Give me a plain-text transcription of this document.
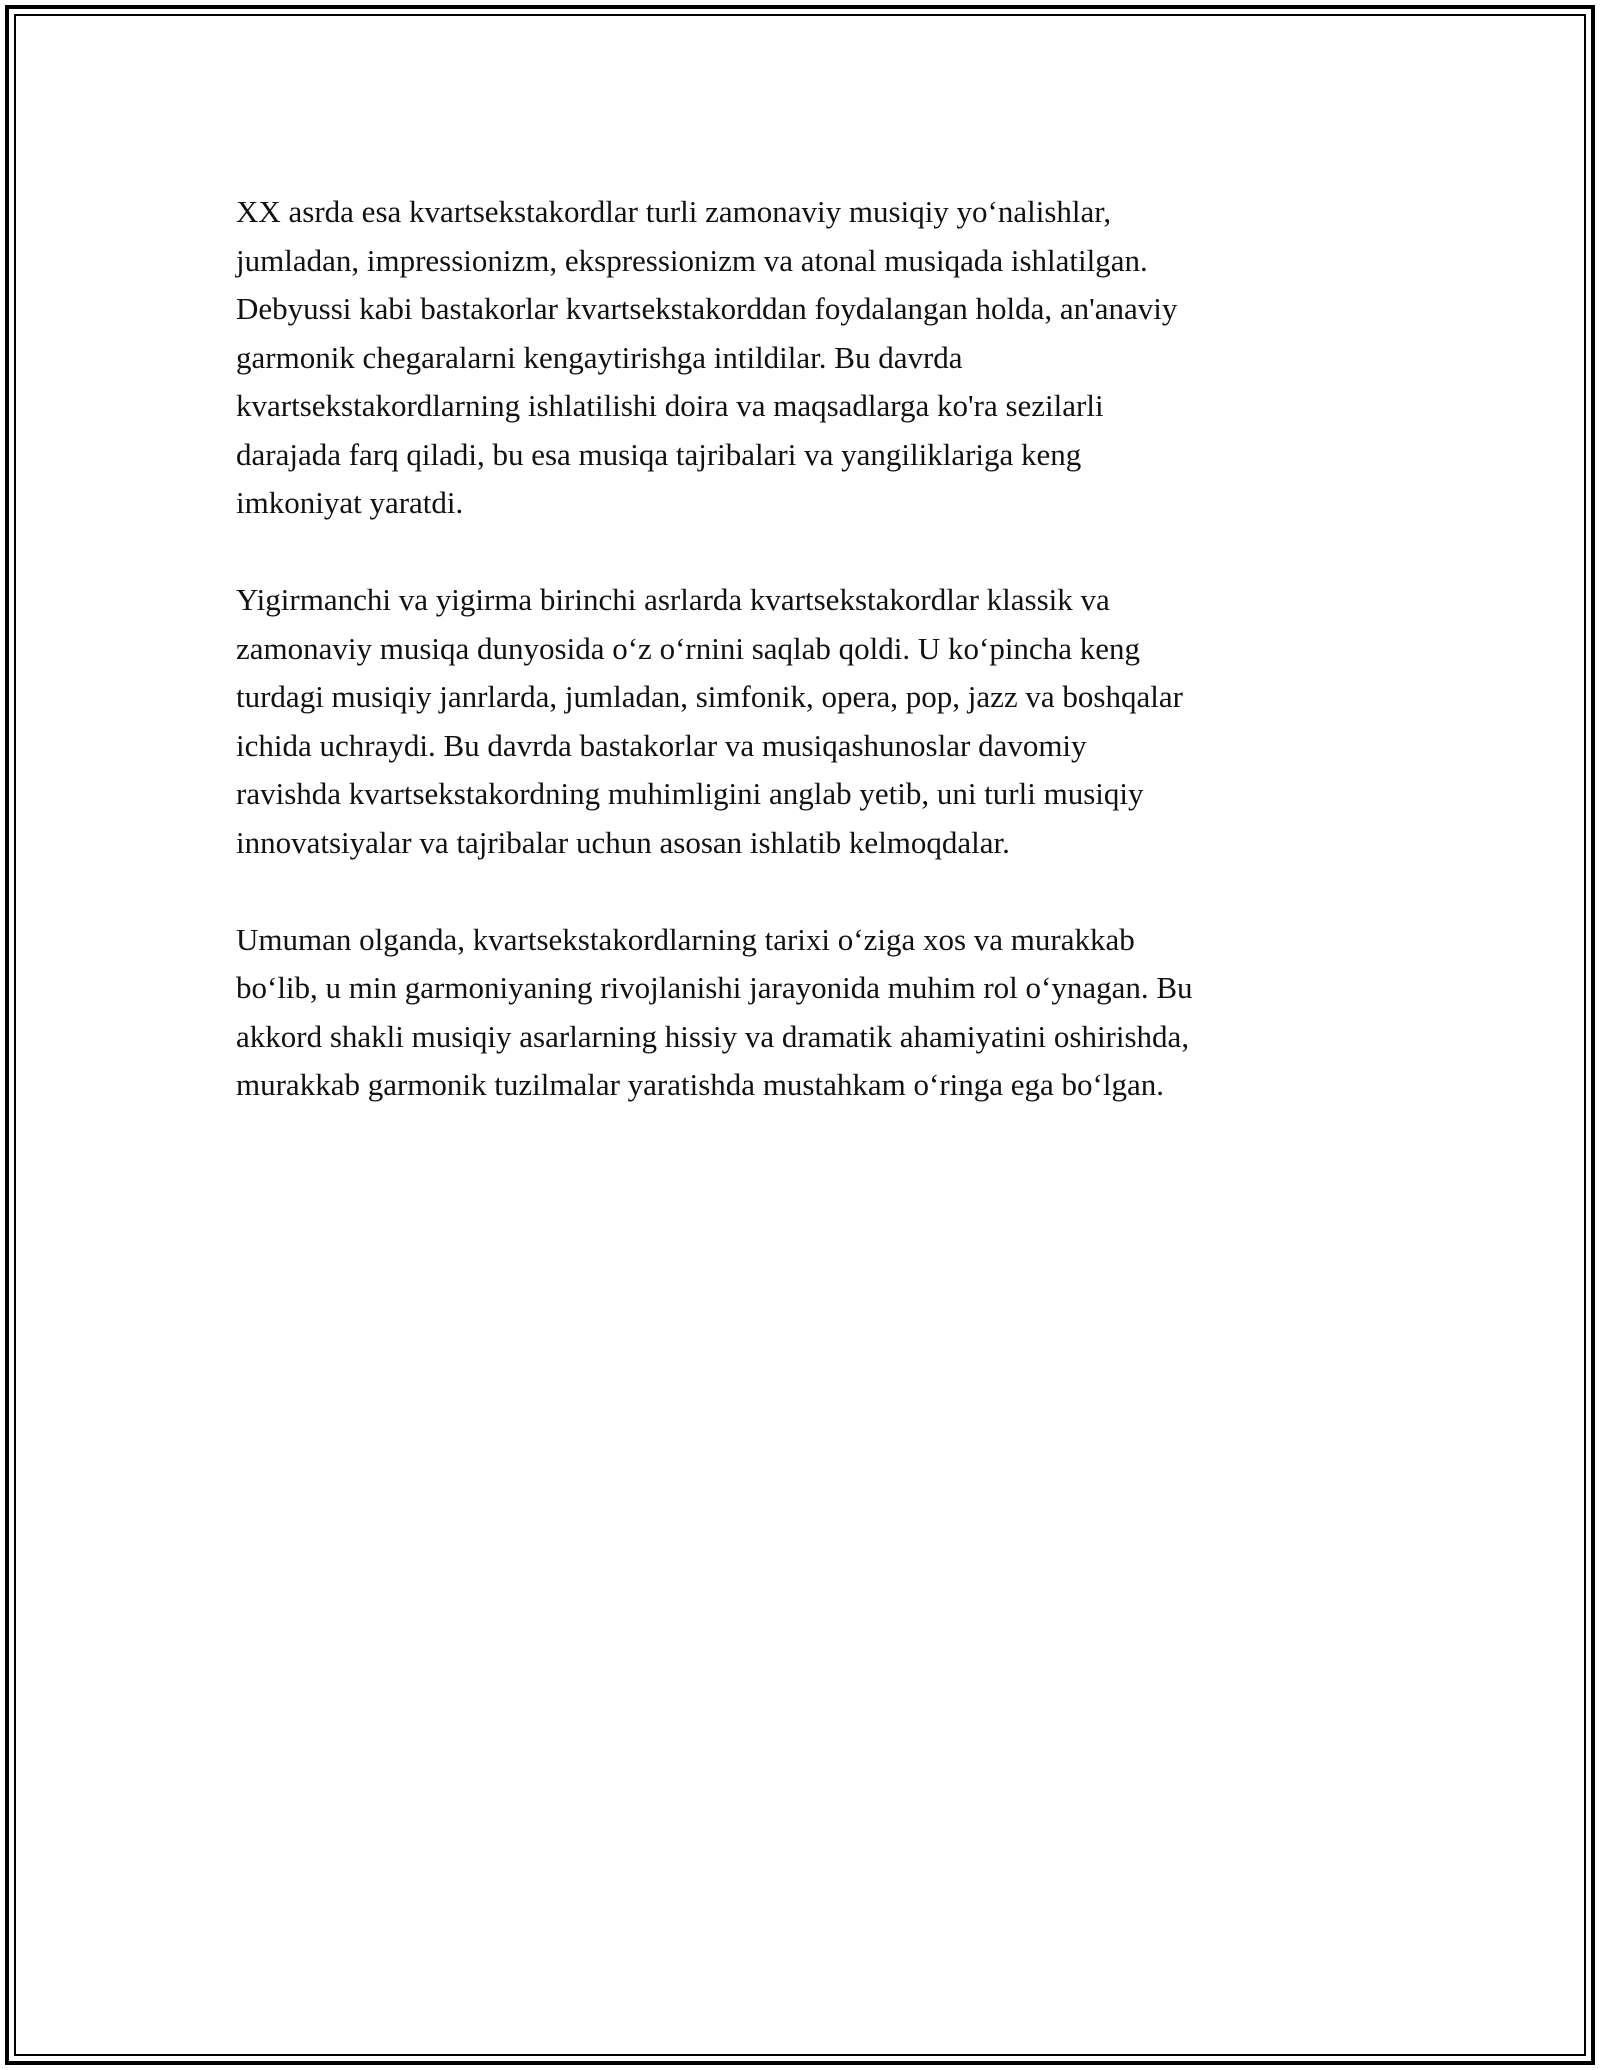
XX asrda esa kvartsekstakordlar turli zamonaviy musiqiy yo‘nalishlar,
jumladan, impressionizm, ekspressionizm va atonal musiqada ishlatilgan.
Debyussi kabi bastakorlar kvartsekstakorddan foydalangan holda, an'anaviy
garmonik chegaralarni kengaytirishga intildilar. Bu davrda
kvartsekstakordlarning ishlatilishi doira va maqsadlarga ko'ra sezilarli
darajada farq qiladi, bu esa musiqa tajribalari va yangiliklariga keng
imkoniyat yaratdi.

Yigirmanchi va yigirma birinchi asrlarda kvartsekstakordlar klassik va
zamonaviy musiqa dunyosida o‘z o‘rnini saqlab qoldi. U ko‘pincha keng
turdagi musiqiy janrlarda, jumladan, simfonik, opera, pop, jazz va boshqalar
ichida uchraydi. Bu davrda bastakorlar va musiqashunoslar davomiy
ravishda kvartsekstakordning muhimligini anglab yetib, uni turli musiqiy
innovatsiyalar va tajribalar uchun asosan ishlatib kelmoqdalar.

Umuman olganda, kvartsekstakordlarning tarixi o‘ziga xos va murakkab
bo‘lib, u min garmoniyaning rivojlanishi jarayonida muhim rol o‘ynagan. Bu
akkord shakli musiqiy asarlarning hissiy va dramatik ahamiyatini oshirishda,
murakkab garmonik tuzilmalar yaratishda mustahkam o‘ringa ega bo‘lgan.
